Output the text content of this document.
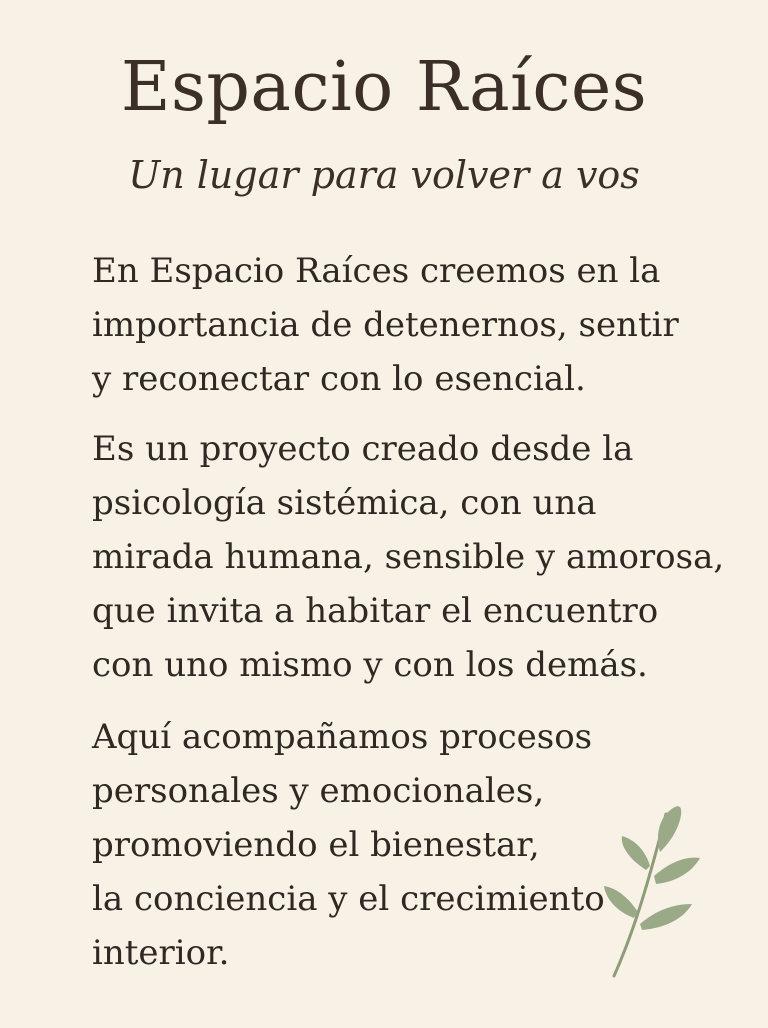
Espacio Raíces
Un lugar para volver a vos
En Espacio Raíces creemos en la
importancia de detenernos, sentir
y reconectar con lo esencial.
Es un proyecto creado desde la
psicología sistémica, con una
mirada humana, sensible y amorosa,
que invita a habitar el encuentro
con uno mismo y con los demás.
Aquí acompañamos procesos
personales y emocionales,
promoviendo el bienestar,
la conciencia y el crecimiento
interior.
